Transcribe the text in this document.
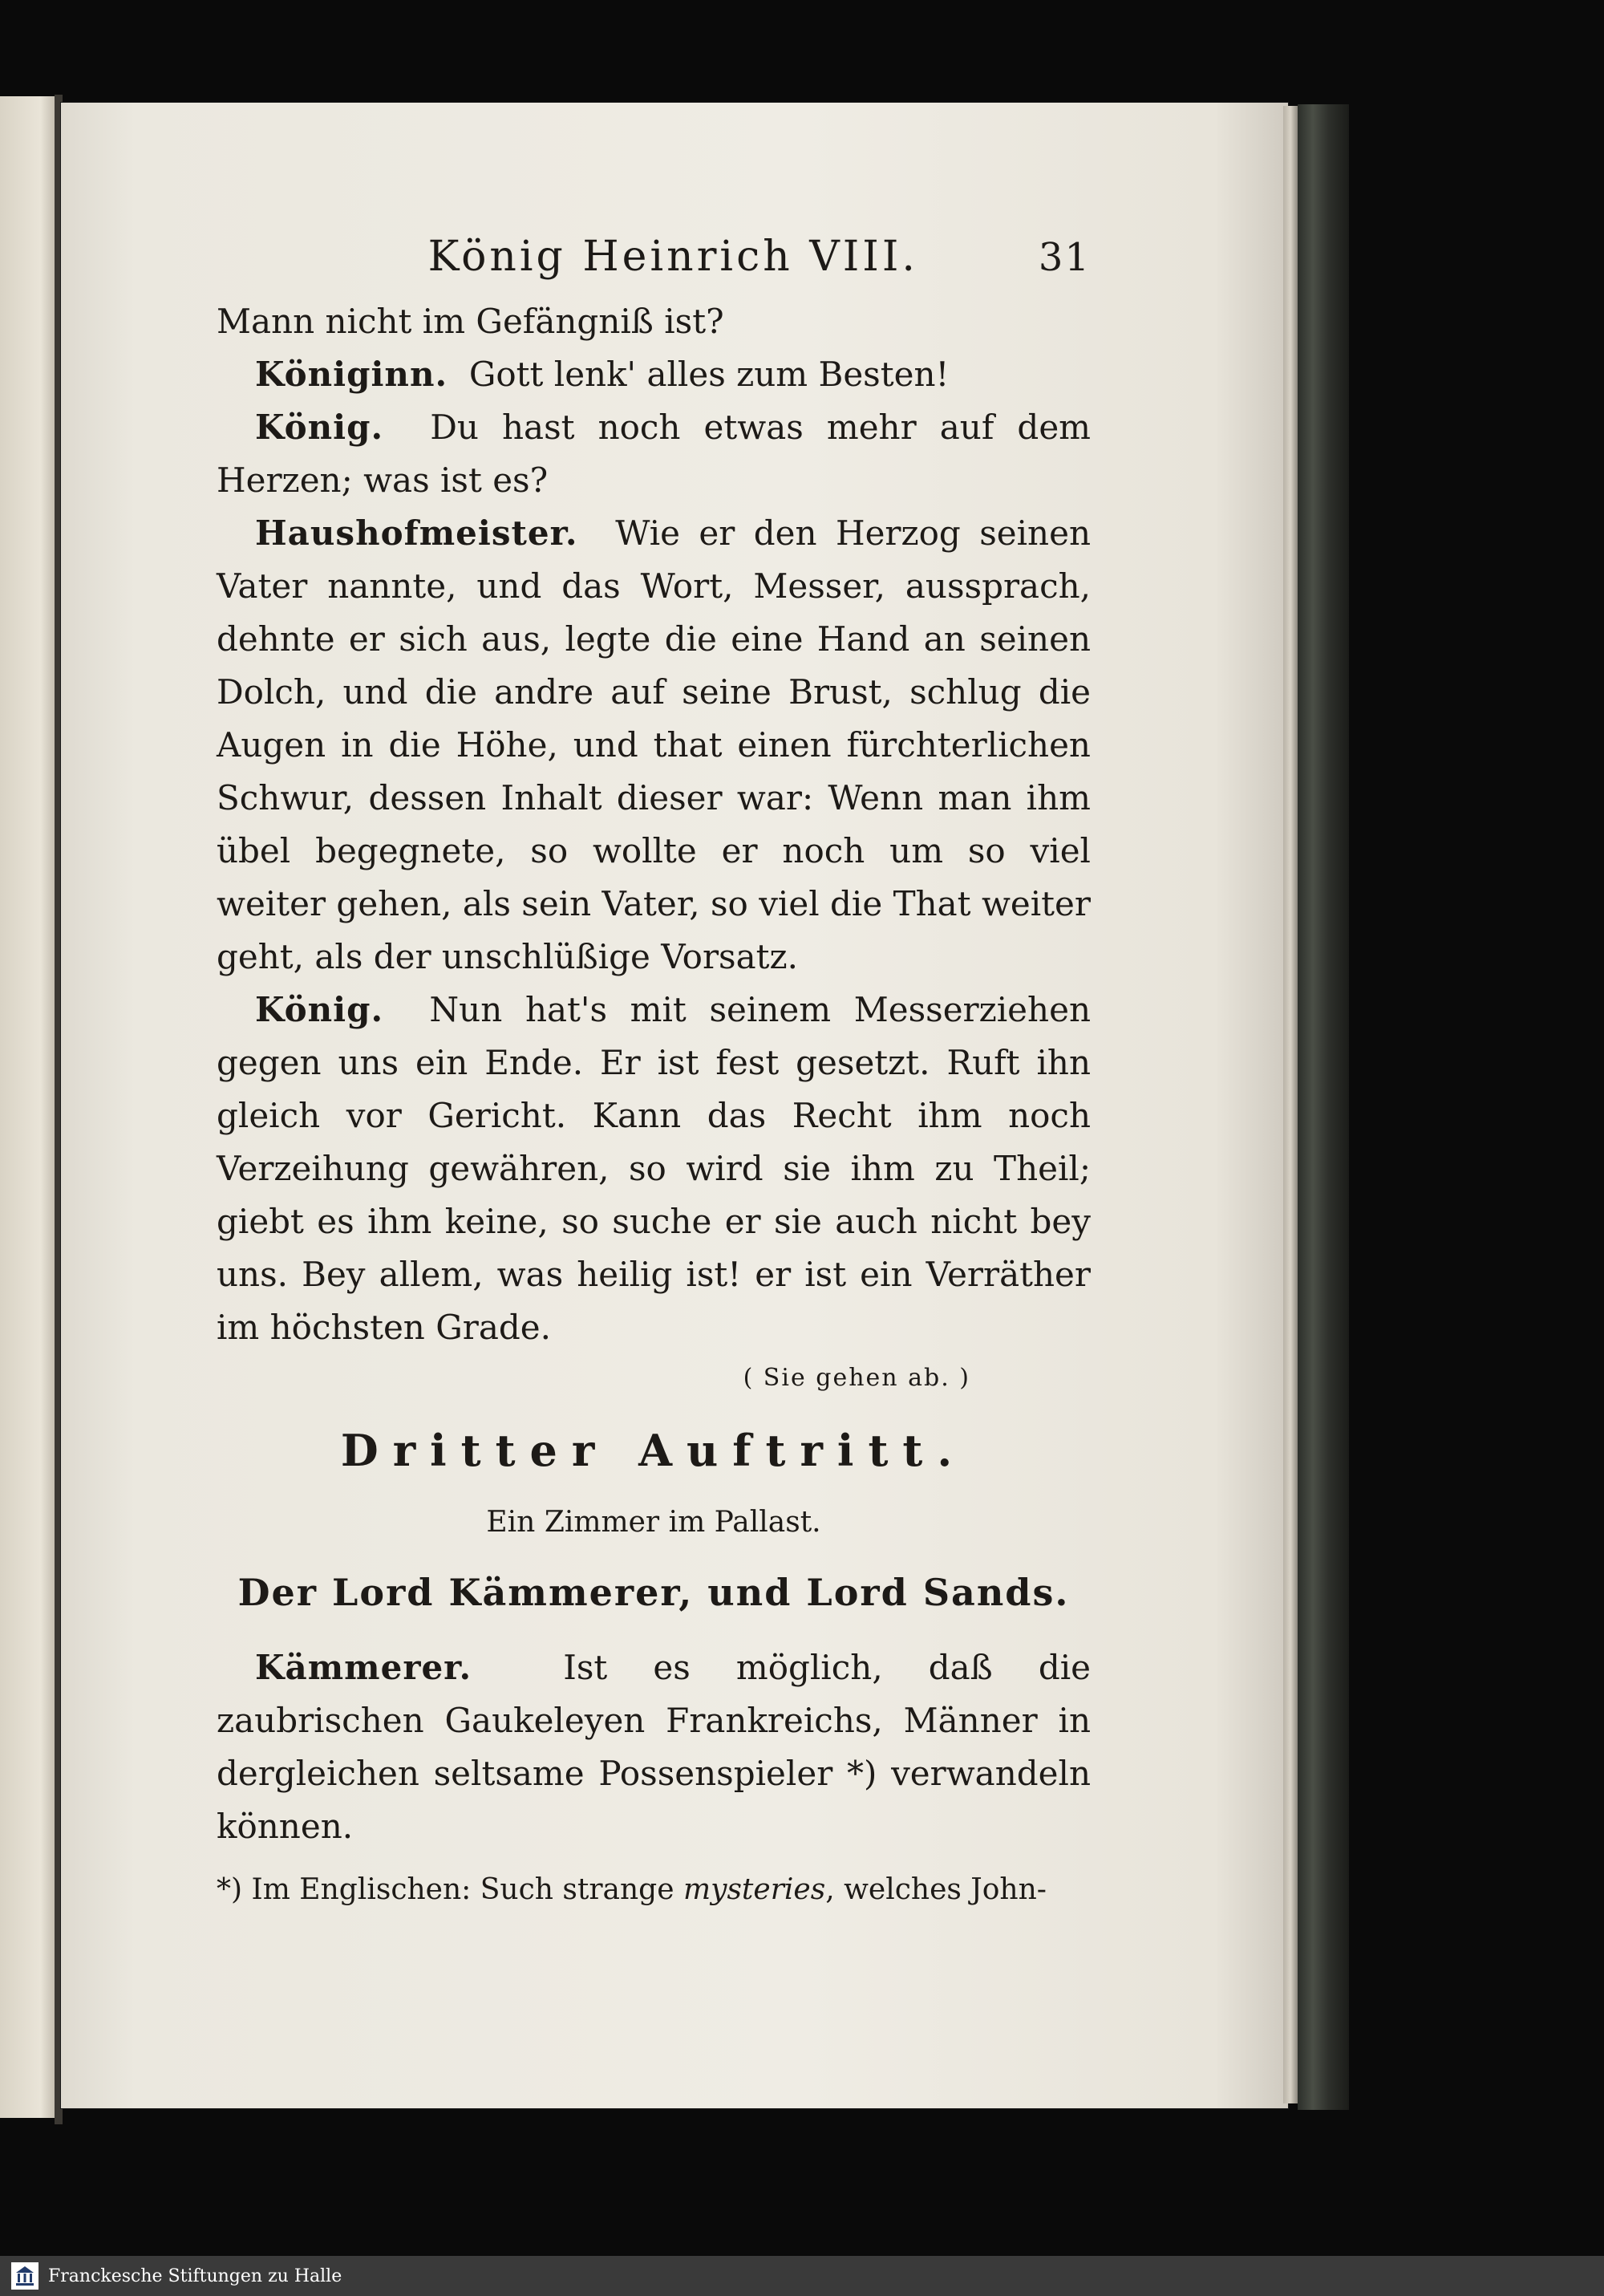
König Heinrich VIII.	31

Mann nicht im Gefängniß ist?

Königinn. Gott lenk' alles zum Besten!

König. Du hast noch etwas mehr auf dem Herzen; was ist es?

Haushofmeister. Wie er den Herzog seinen Vater nannte, und das Wort, Messer, aussprach, dehnte er sich aus, legte die eine Hand an seinen Dolch, und die andre auf seine Brust, schlug die Augen in die Höhe, und that einen fürchterlichen Schwur, dessen Inhalt dieser war: Wenn man ihm übel begegnete, so wollte er noch um so viel weiter gehen, als sein Vater, so viel die That weiter geht, als der unschlüßige Vorsatz.

König. Nun hat's mit seinem Messerziehen gegen uns ein Ende. Er ist fest gesetzt. Ruft ihn gleich vor Gericht. Kann das Recht ihm noch Verzeihung gewähren, so wird sie ihm zu Theil; giebt es ihm keine, so suche er sie auch nicht bey uns. Bey allem, was heilig ist! er ist ein Verräther im höchsten Grade.

( Sie gehen ab. )
Dritter Auftritt.
Ein Zimmer im Pallast.
Der Lord Kämmerer, und Lord Sands.

Kämmerer.	Ist es möglich, daß die zaubrischen Gaukeleyen Frankreichs, Männer in dergleichen seltsame Possenspieler *) verwandeln können.

*) Im Englischen: Such strange mysteries, welches John-
Franckesche Stiftungen zu Halle
